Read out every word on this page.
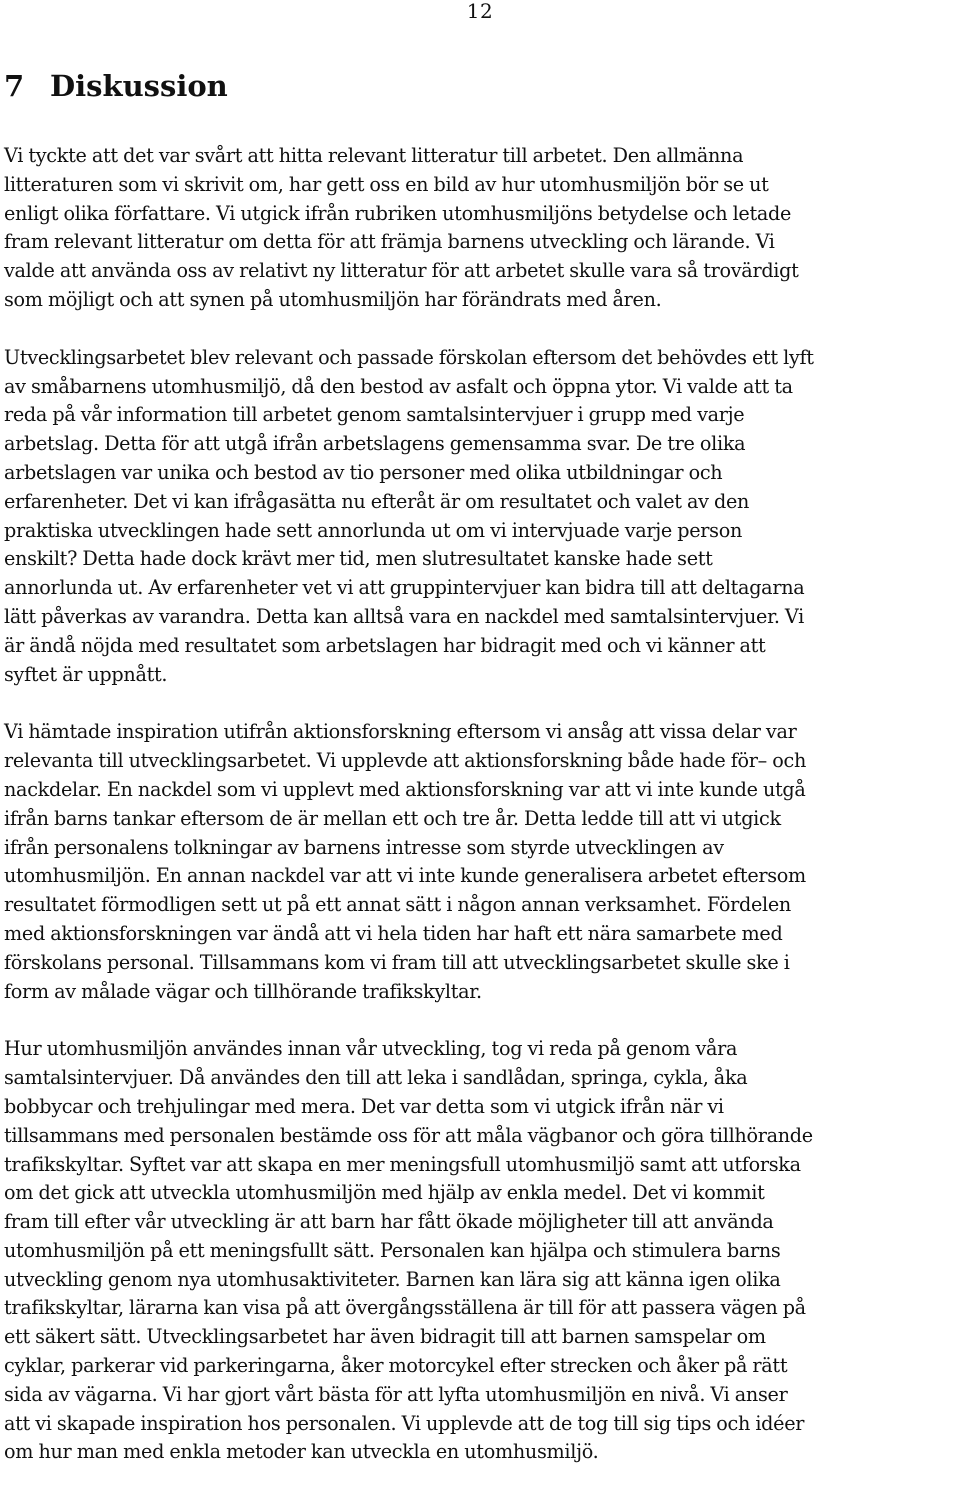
12
7 Diskussion

Vi tyckte att det var svårt att hitta relevant litteratur till arbetet. Den allmänna
litteraturen som vi skrivit om, har gett oss en bild av hur utomhusmiljön bör se ut
enligt olika författare. Vi utgick ifrån rubriken utomhusmiljöns betydelse och letade
fram relevant litteratur om detta för att främja barnens utveckling och lärande. Vi
valde att använda oss av relativt ny litteratur för att arbetet skulle vara så trovärdigt
som möjligt och att synen på utomhusmiljön har förändrats med åren.

Utvecklingsarbetet blev relevant och passade förskolan eftersom det behövdes ett lyft
av småbarnens utomhusmiljö, då den bestod av asfalt och öppna ytor. Vi valde att ta
reda på vår information till arbetet genom samtalsintervjuer i grupp med varje
arbetslag. Detta för att utgå ifrån arbetslagens gemensamma svar. De tre olika
arbetslagen var unika och bestod av tio personer med olika utbildningar och
erfarenheter. Det vi kan ifrågasätta nu efteråt är om resultatet och valet av den
praktiska utvecklingen hade sett annorlunda ut om vi intervjuade varje person
enskilt? Detta hade dock krävt mer tid, men slutresultatet kanske hade sett
annorlunda ut. Av erfarenheter vet vi att gruppintervjuer kan bidra till att deltagarna
lätt påverkas av varandra. Detta kan alltså vara en nackdel med samtalsintervjuer. Vi
är ändå nöjda med resultatet som arbetslagen har bidragit med och vi känner att
syftet är uppnått.

Vi hämtade inspiration utifrån aktionsforskning eftersom vi ansåg att vissa delar var
relevanta till utvecklingsarbetet. Vi upplevde att aktionsforskning både hade för– och
nackdelar. En nackdel som vi upplevt med aktionsforskning var att vi inte kunde utgå
ifrån barns tankar eftersom de är mellan ett och tre år. Detta ledde till att vi utgick
ifrån personalens tolkningar av barnens intresse som styrde utvecklingen av
utomhusmiljön. En annan nackdel var att vi inte kunde generalisera arbetet eftersom
resultatet förmodligen sett ut på ett annat sätt i någon annan verksamhet. Fördelen
med aktionsforskningen var ändå att vi hela tiden har haft ett nära samarbete med
förskolans personal. Tillsammans kom vi fram till att utvecklingsarbetet skulle ske i
form av målade vägar och tillhörande trafikskyltar.

Hur utomhusmiljön användes innan vår utveckling, tog vi reda på genom våra
samtalsintervjuer. Då användes den till att leka i sandlådan, springa, cykla, åka
bobbycar och trehjulingar med mera. Det var detta som vi utgick ifrån när vi
tillsammans med personalen bestämde oss för att måla vägbanor och göra tillhörande
trafikskyltar. Syftet var att skapa en mer meningsfull utomhusmiljö samt att utforska
om det gick att utveckla utomhusmiljön med hjälp av enkla medel. Det vi kommit
fram till efter vår utveckling är att barn har fått ökade möjligheter till att använda
utomhusmiljön på ett meningsfullt sätt. Personalen kan hjälpa och stimulera barns
utveckling genom nya utomhusaktiviteter. Barnen kan lära sig att känna igen olika
trafikskyltar, lärarna kan visa på att övergångsställena är till för att passera vägen på
ett säkert sätt. Utvecklingsarbetet har även bidragit till att barnen samspelar om
cyklar, parkerar vid parkeringarna, åker motorcykel efter strecken och åker på rätt
sida av vägarna. Vi har gjort vårt bästa för att lyfta utomhusmiljön en nivå. Vi anser
att vi skapade inspiration hos personalen. Vi upplevde att de tog till sig tips och idéer
om hur man med enkla metoder kan utveckla en utomhusmiljö.
